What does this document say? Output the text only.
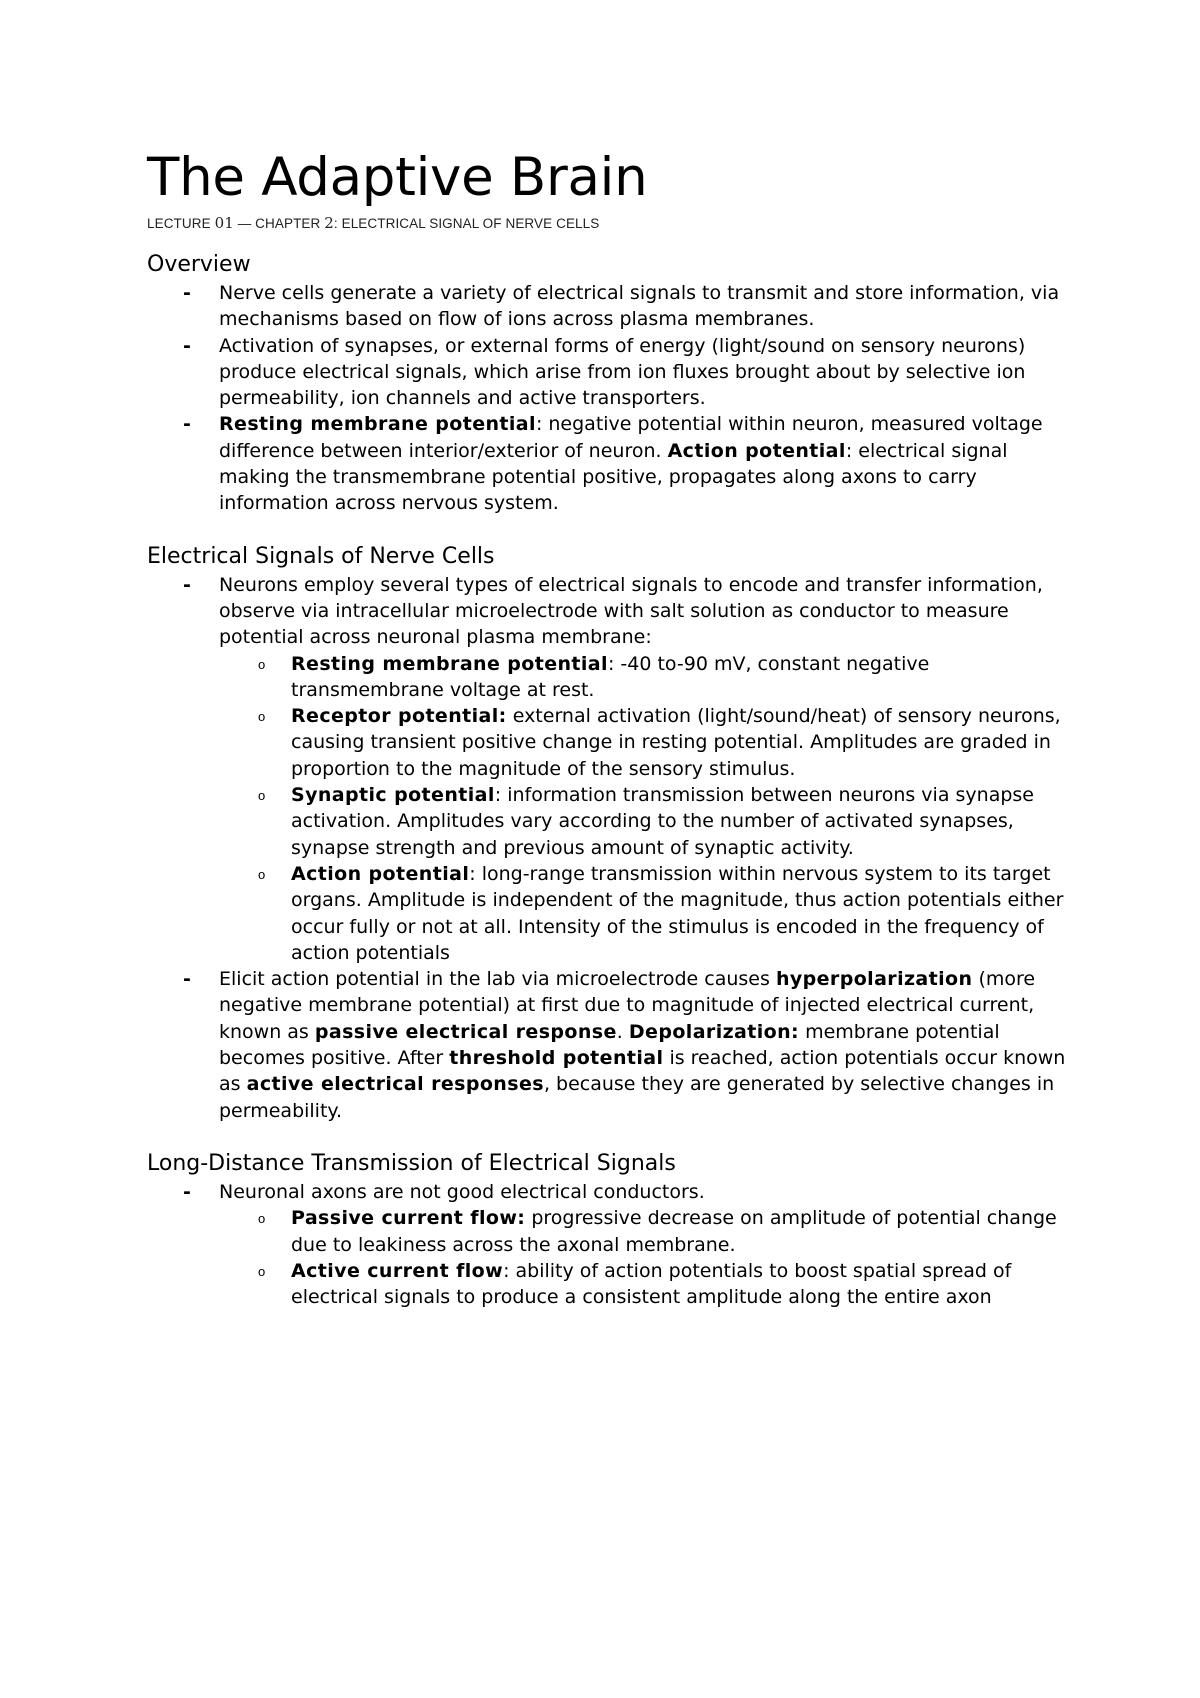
The Adaptive Brain
LECTURE 01 — CHAPTER 2: ELECTRICAL SIGNAL OF NERVE CELLS
Overview
- Nerve cells generate a variety of electrical signals to transmit and store information, via mechanisms based on flow of ions across plasma membranes.
- Activation of synapses, or external forms of energy (light/sound on sensory neurons) produce electrical signals, which arise from ion fluxes brought about by selective ion permeability, ion channels and active transporters.
- Resting membrane potential: negative potential within neuron, measured voltage difference between interior/exterior of neuron. Action potential: electrical signal making the transmembrane potential positive, propagates along axons to carry information across nervous system.
Electrical Signals of Nerve Cells
- Neurons employ several types of electrical signals to encode and transfer information, observe via intracellular microelectrode with salt solution as conductor to measure potential across neuronal plasma membrane:
o Resting membrane potential: -40 to-90 mV, constant negative transmembrane voltage at rest.
o Receptor potential: external activation (light/sound/heat) of sensory neurons, causing transient positive change in resting potential. Amplitudes are graded in proportion to the magnitude of the sensory stimulus.
o Synaptic potential: information transmission between neurons via synapse activation. Amplitudes vary according to the number of activated synapses, synapse strength and previous amount of synaptic activity.
o Action potential: long-range transmission within nervous system to its target organs. Amplitude is independent of the magnitude, thus action potentials either occur fully or not at all. Intensity of the stimulus is encoded in the frequency of action potentials
- Elicit action potential in the lab via microelectrode causes hyperpolarization (more negative membrane potential) at first due to magnitude of injected electrical current, known as passive electrical response. Depolarization: membrane potential becomes positive. After threshold potential is reached, action potentials occur known as active electrical responses, because they are generated by selective changes in permeability.
Long-Distance Transmission of Electrical Signals
- Neuronal axons are not good electrical conductors.
o Passive current flow: progressive decrease on amplitude of potential change due to leakiness across the axonal membrane.
o Active current flow: ability of action potentials to boost spatial spread of electrical signals to produce a consistent amplitude along the entire axon
